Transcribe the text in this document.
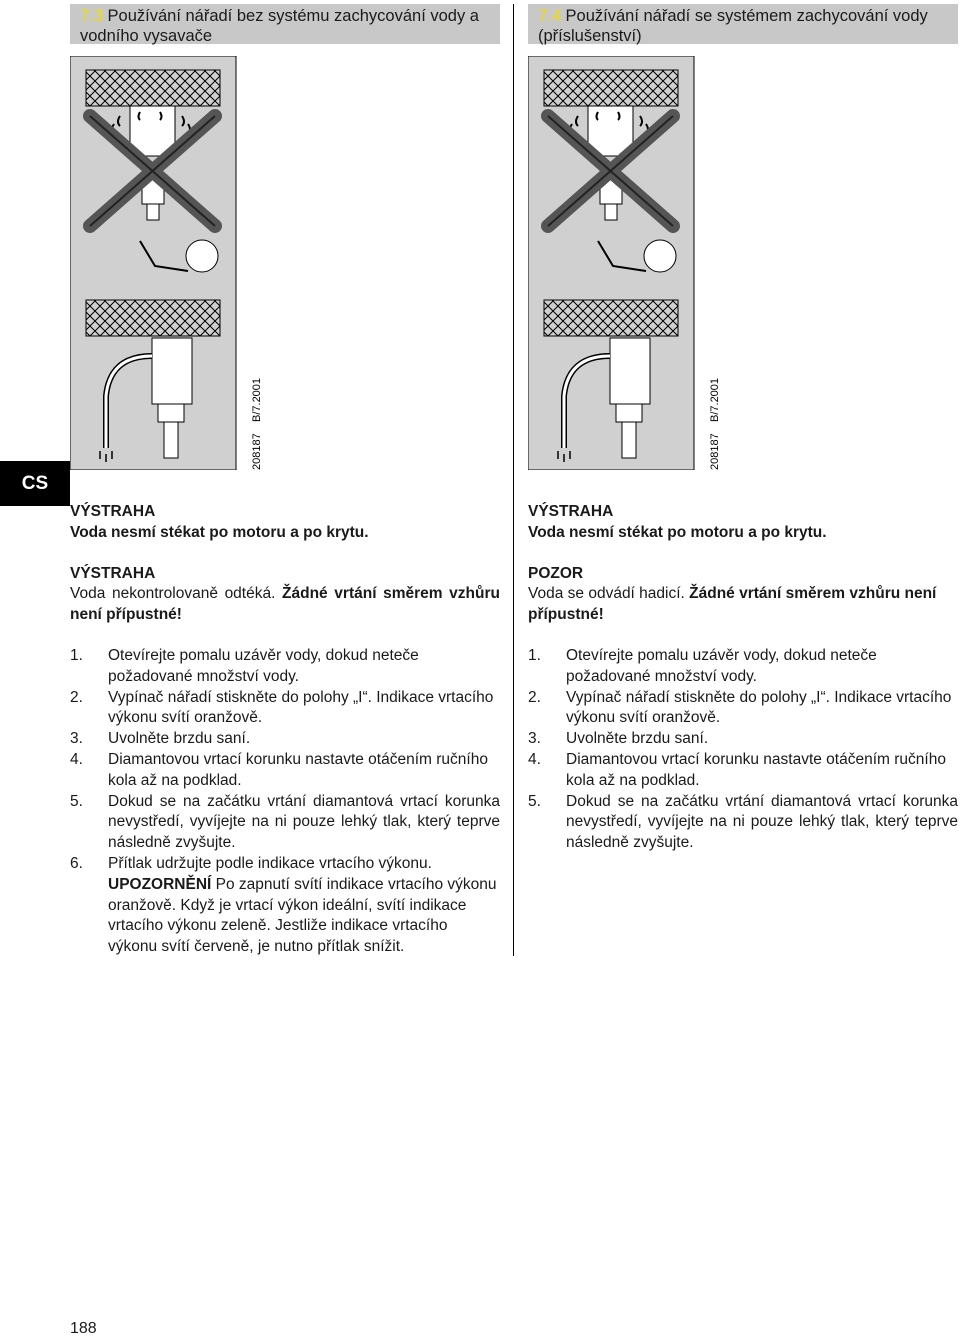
7.3 Používání nářadí bez systému zachycování vody a vodního vysavače
7.4 Používání nářadí se systémem zachycování vody (příslušenství)
208187
B/7.2001
208187
B/7.2001
CS

VÝSTRAHA

Voda nesmí stékat po motoru a po krytu.

VÝSTRAHA

Voda nekontrolovaně odtéká. Žádné vrtání směrem vzhůru není přípustné!

1.	Otevírejte pomalu uzávěr vody, dokud neteče požadované množství vody.
2.	Vypínač nářadí stiskněte do polohy „I“. Indikace vrtacího výkonu svítí oranžově.
3.	Uvolněte brzdu saní.
4.	Diamantovou vrtací korunku nastavte otáčením ručního kola až na podklad.
5.	Dokud se na začátku vrtání diamantová vrtací korunka nevystředí, vyvíjejte na ni pouze lehký tlak, který teprve následně zvyšujte.
6.	Přítlak udržujte podle indikace vrtacího výkonu.
UPOZORNĚNÍ Po zapnutí svítí indikace vrtacího výkonu oranžově. Když je vrtací výkon ideální, svítí indikace vrtacího výkonu zeleně. Jestliže indikace vrtacího výkonu svítí červeně, je nutno přítlak snížit.

VÝSTRAHA

Voda nesmí stékat po motoru a po krytu.

POZOR

Voda se odvádí hadicí. Žádné vrtání směrem vzhůru není přípustné!

1.	Otevírejte pomalu uzávěr vody, dokud neteče požadované množství vody.
2.	Vypínač nářadí stiskněte do polohy „I“. Indikace vrtacího výkonu svítí oranžově.
3.	Uvolněte brzdu saní.
4.	Diamantovou vrtací korunku nastavte otáčením ručního kola až na podklad.
5.	Dokud se na začátku vrtání diamantová vrtací korunka nevystředí, vyvíjejte na ni pouze lehký tlak, který teprve následně zvyšujte.
188
